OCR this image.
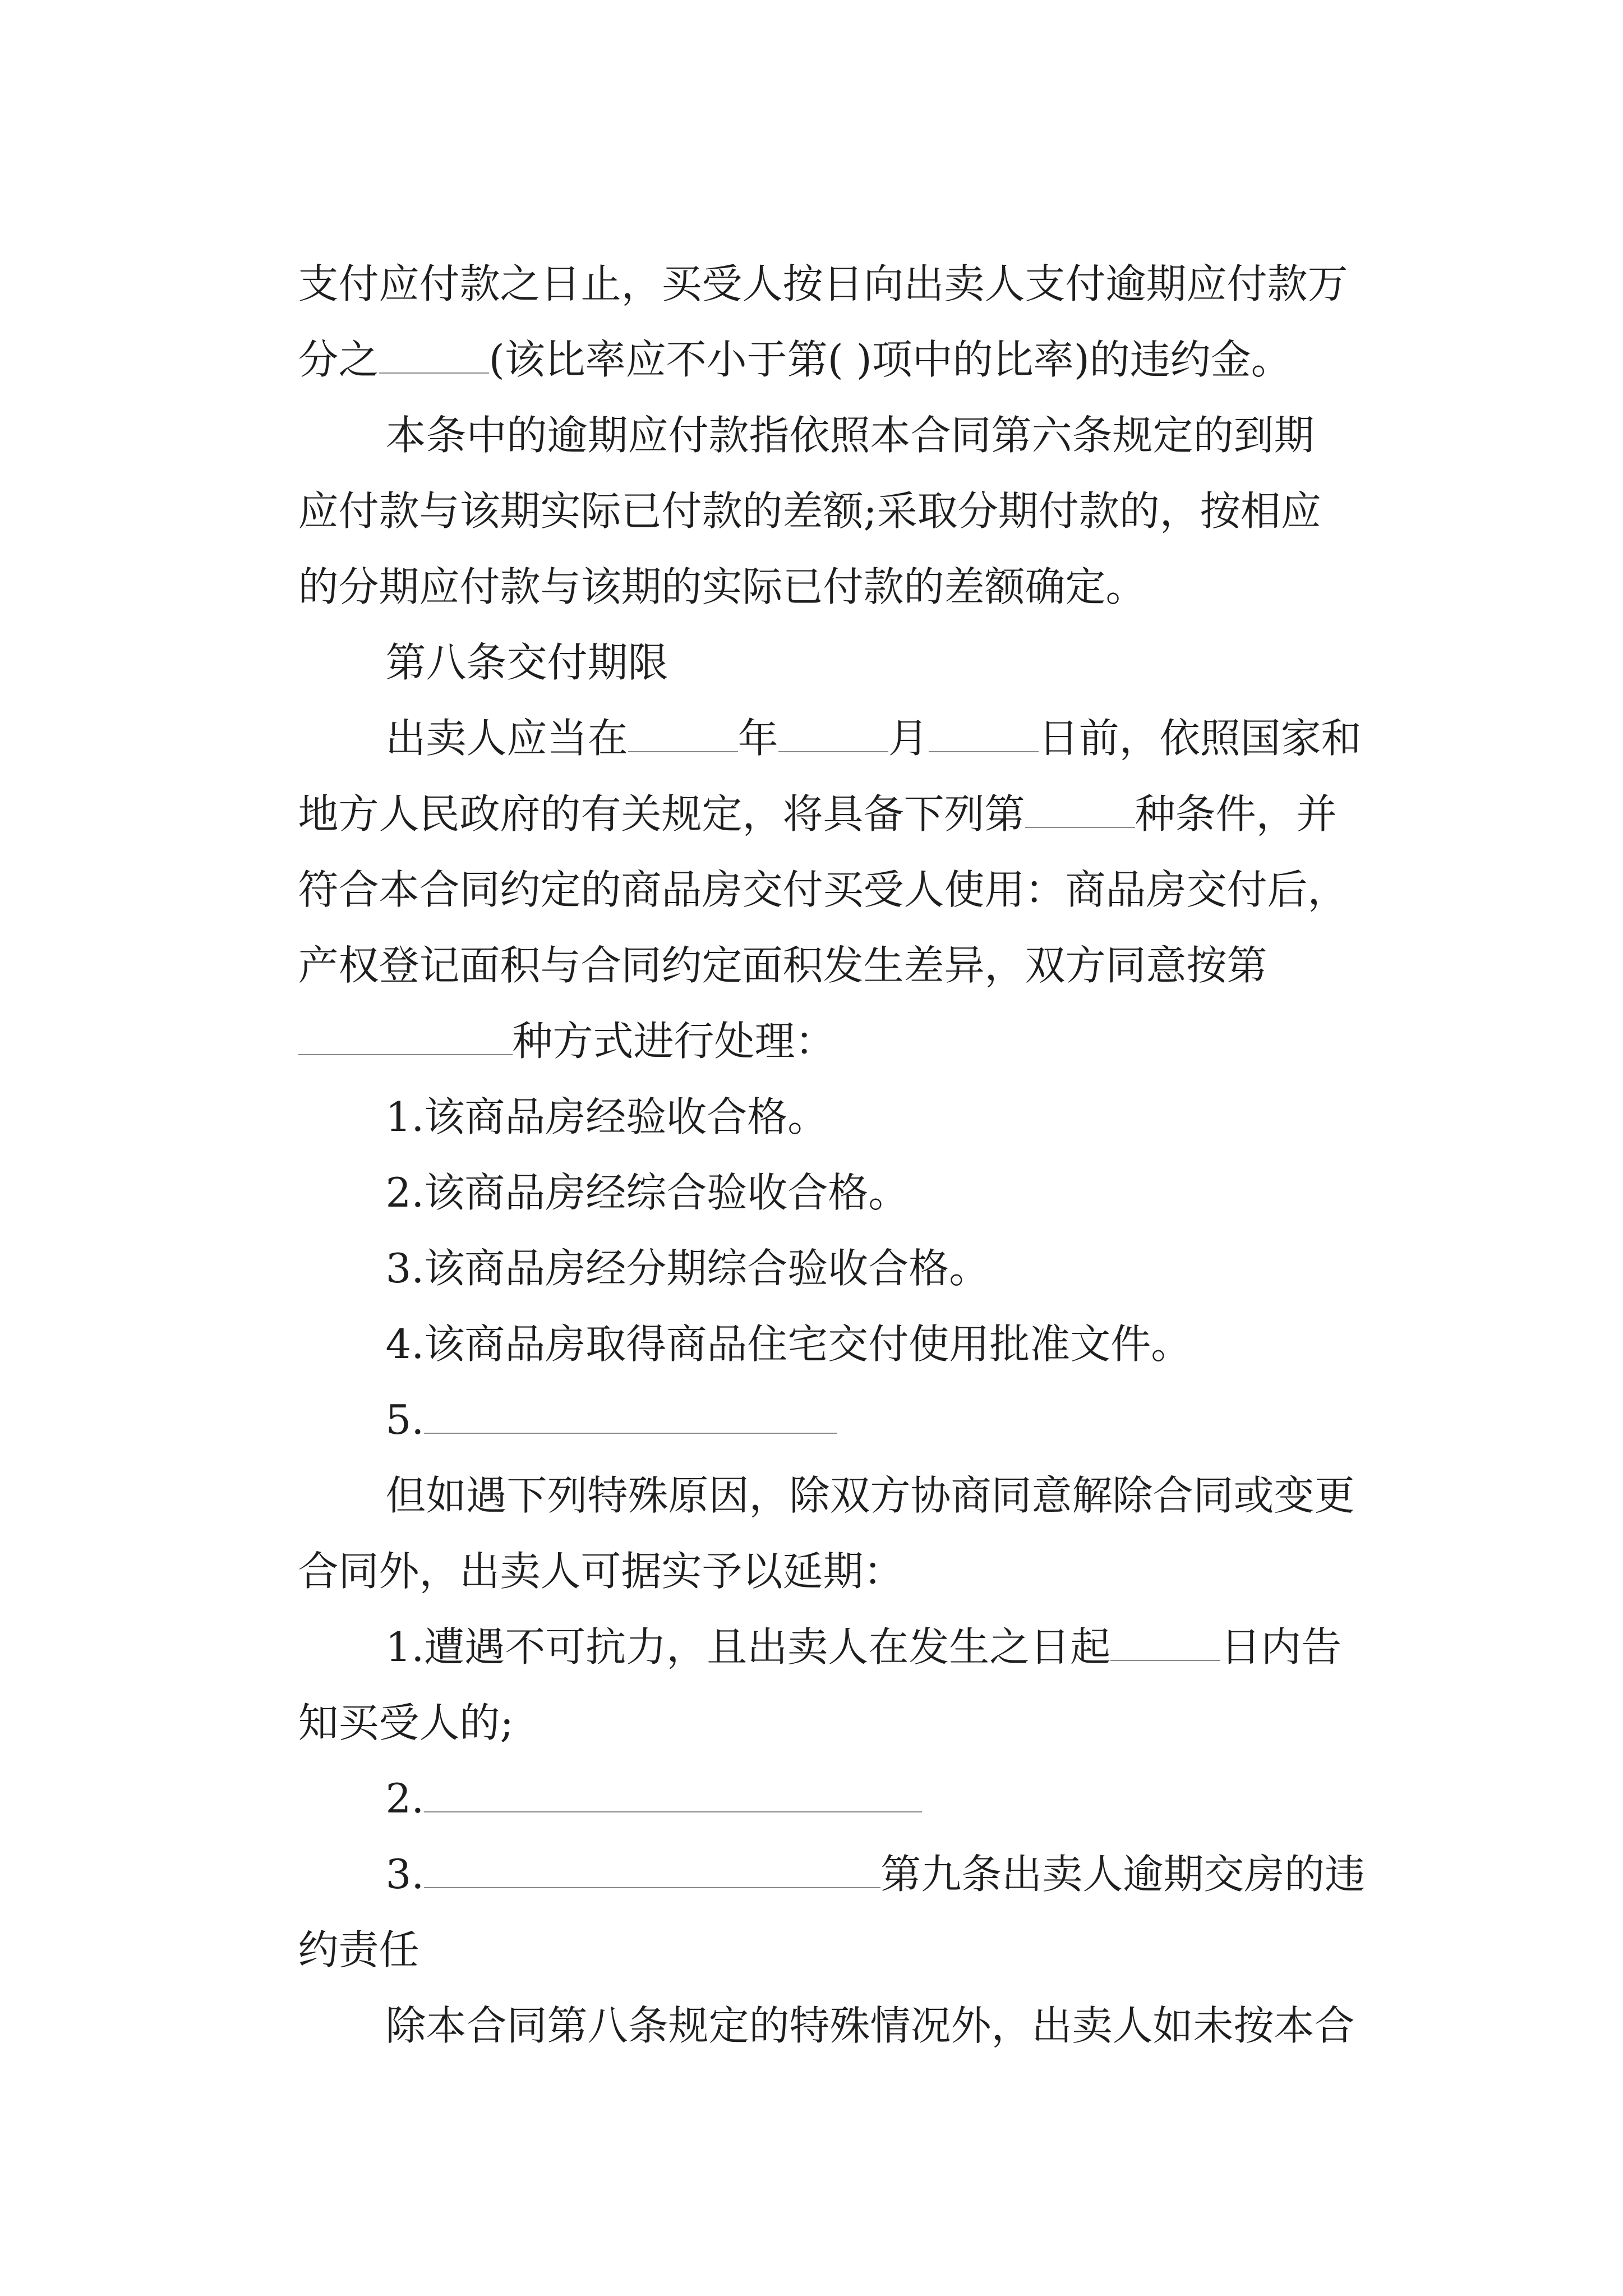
支付应付款之日止，买受人按日向出卖人支付逾期应付款万

分之	(该比率应不小于第( )项中的比率)的违约金。

本条中的逾期应付款指依照本合同第六条规定的到期

应付款与该期实际已付款的差额;采取分期付款的，按相应

的分期应付款与该期的实际已付款的差额确定。

第八条交付期限

出卖人应当在	年	月	日前，依照国家和

地方人民政府的有关规定，将具备下列第	种条件，并

符合本合同约定的商品房交付买受人使用：商品房交付后，

产权登记面积与合同约定面积发生差异，双方同意按第

种方式进行处理：

1.该商品房经验收合格。

2.该商品房经综合验收合格。

3.该商品房经分期综合验收合格。

4.该商品房取得商品住宅交付使用批准文件。

5.

但如遇下列特殊原因，除双方协商同意解除合同或变更

合同外，出卖人可据实予以延期：

1.遭遇不可抗力，且出卖人在发生之日起	日内告

知买受人的;

2.

3.	第九条出卖人逾期交房的违

约责任

除本合同第八条规定的特殊情况外，出卖人如未按本合
